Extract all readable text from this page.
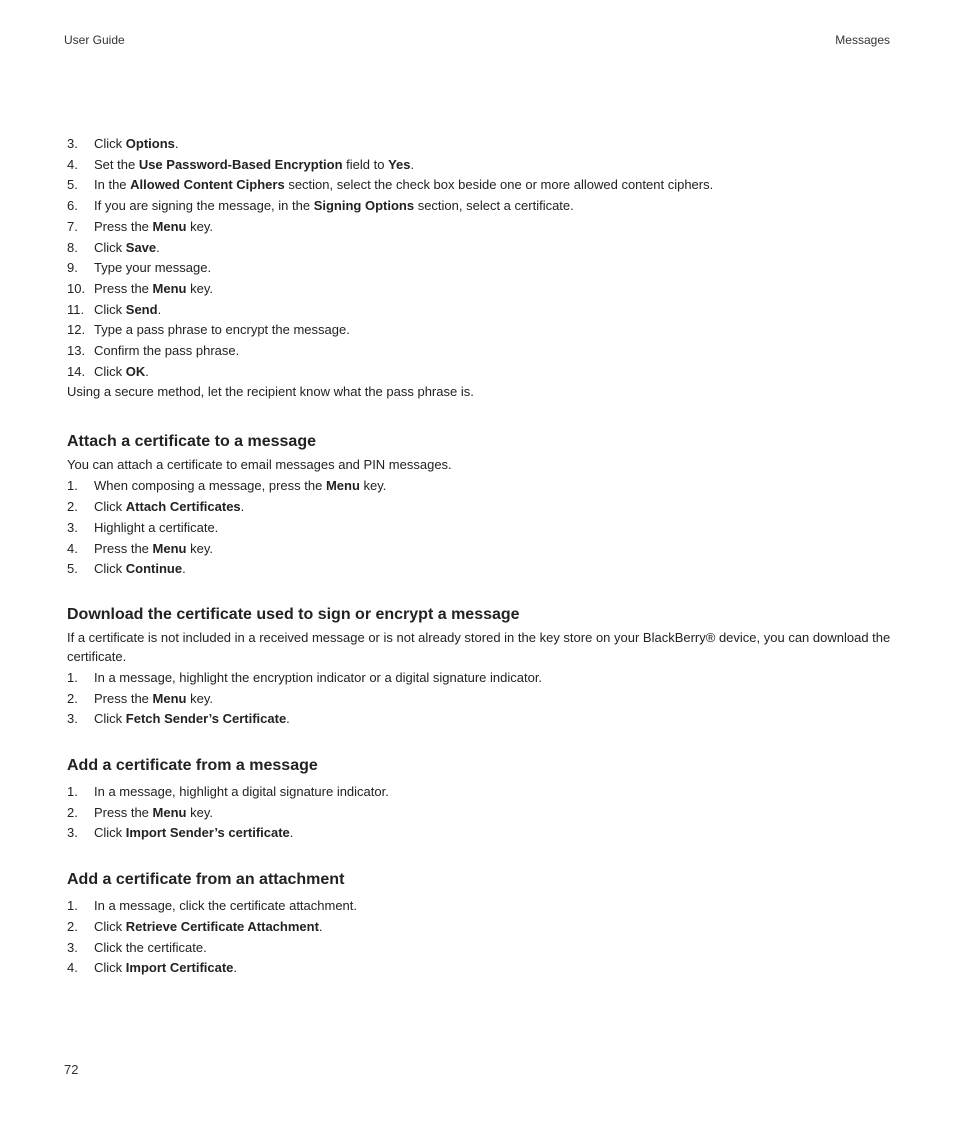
User Guide	Messages
3.	Click Options.
4.	Set the Use Password-Based Encryption field to Yes.
5.	In the Allowed Content Ciphers section, select the check box beside one or more allowed content ciphers.
6.	If you are signing the message, in the Signing Options section, select a certificate.
7.	Press the Menu key.
8.	Click Save.
9.	Type your message.
10. Press the Menu key.
11. Click Send.
12. Type a pass phrase to encrypt the message.
13. Confirm the pass phrase.
14. Click OK.

Using a secure method, let the recipient know what the pass phrase is.

Attach a certificate to a message

You can attach a certificate to email messages and PIN messages.

1.	When composing a message, press the Menu key.
2.	Click Attach Certificates.
3.	Highlight a certificate.
4.	Press the Menu key.
5.	Click Continue.
Download the certificate used to sign or encrypt a message

If a certificate is not included in a received message or is not already stored in the key store on your BlackBerry® device, you can download the certificate.

1.	In a message, highlight the encryption indicator or a digital signature indicator.
2.	Press the Menu key.
3.	Click Fetch Sender’s Certificate.
Add a certificate from a message
1.	In a message, highlight a digital signature indicator.
2.	Press the Menu key.
3.	Click Import Sender’s certificate.
Add a certificate from an attachment
1.	In a message, click the certificate attachment.
2.	Click Retrieve Certificate Attachment.
3.	Click the certificate.
4.	Click Import Certificate.
72
